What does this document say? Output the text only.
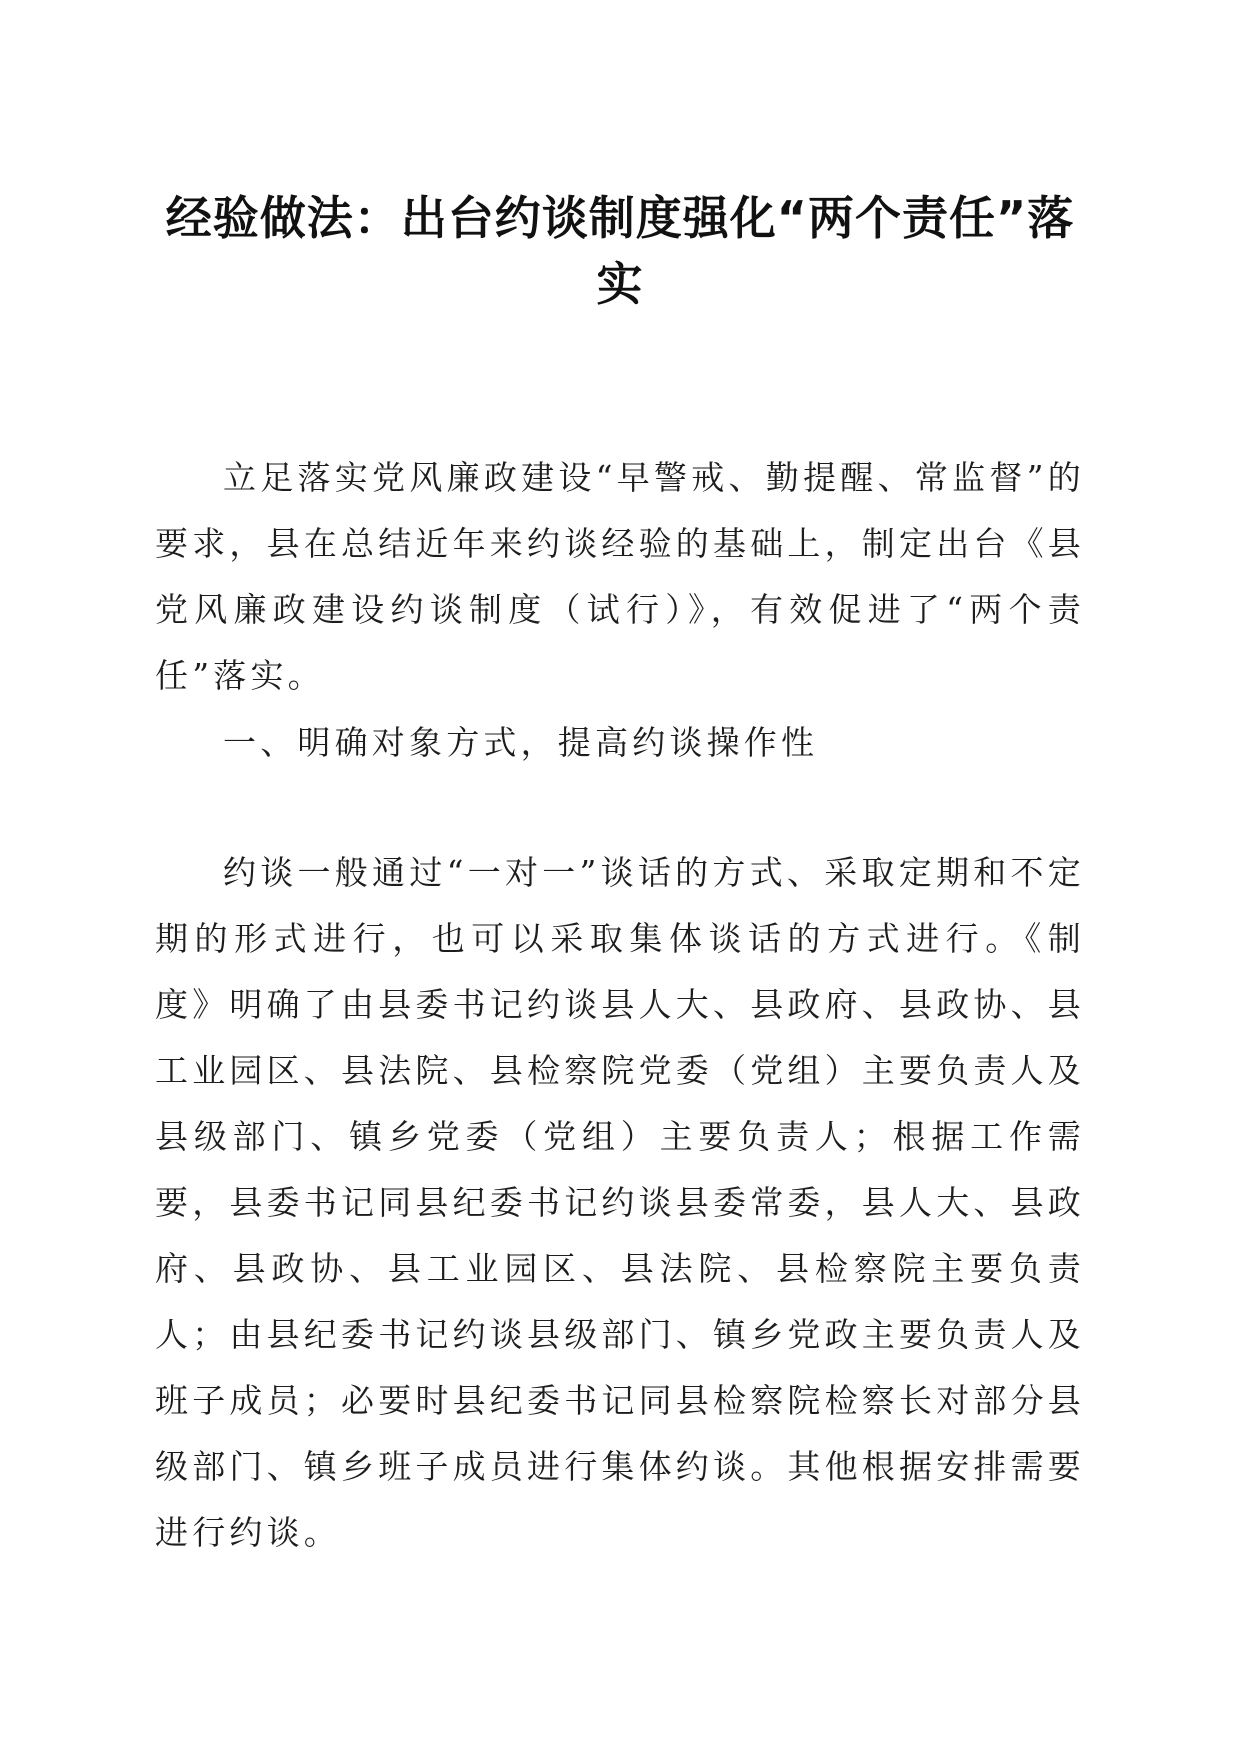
经验做法：出台约谈制度强化“两个责任”落实

立足落实党风廉政建设“早警戒、勤提醒、常监督”的要求，县在总结近年来约谈经验的基础上，制定出台《县党风廉政建设约谈制度（试行）》，有效促进了“两个责任”落实。

一、明确对象方式，提高约谈操作性

约谈一般通过“一对一”谈话的方式、采取定期和不定期的形式进行，也可以采取集体谈话的方式进行。《制度》明确了由县委书记约谈县人大、县政府、县政协、县工业园区、县法院、县检察院党委（党组）主要负责人及县级部门、镇乡党委（党组）主要负责人；根据工作需要，县委书记同县纪委书记约谈县委常委，县人大、县政府、县政协、县工业园区、县法院、县检察院主要负责人；由县纪委书记约谈县级部门、镇乡党政主要负责人及班子成员；必要时县纪委书记同县检察院检察长对部分县级部门、镇乡班子成员进行集体约谈。其他根据安排需要进行约谈。
